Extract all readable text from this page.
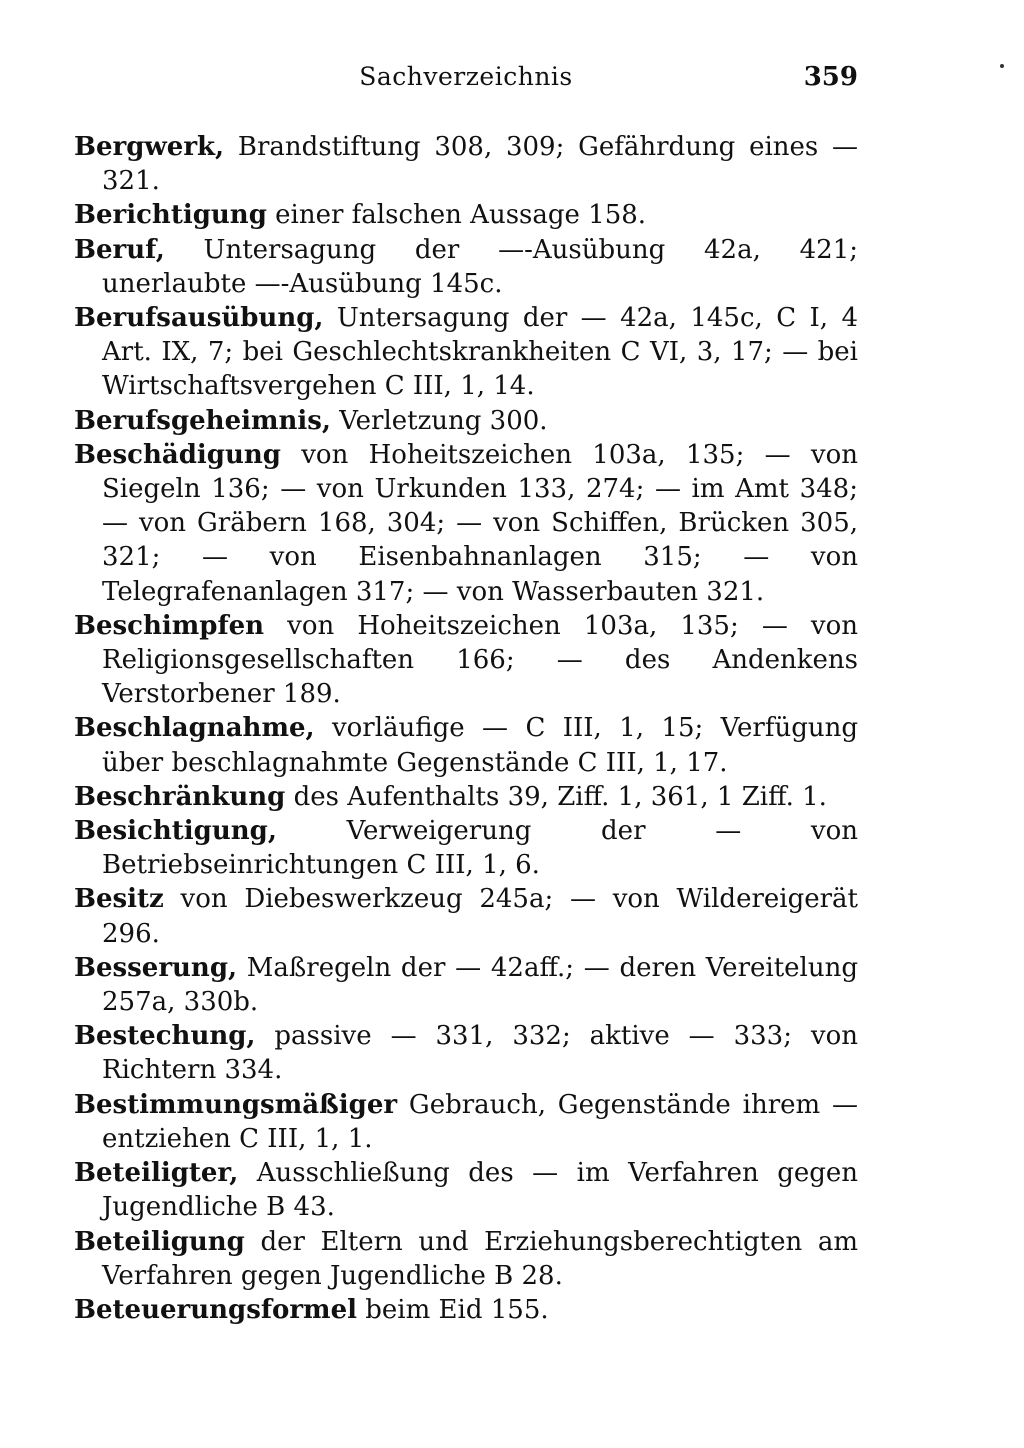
Sachverzeichnis	359

Bergwerk, Brandstiftung 308, 309; Gefährdung eines — 321.

Berichtigung einer falschen Aussage 158.

Beruf, Untersagung der —-Ausübung 42a, 421; unerlaubte —-Ausübung 145c.

Berufsausübung, Untersagung der — 42a, 145c, C I, 4 Art. IX, 7; bei Geschlechtskrankheiten C VI, 3, 17; — bei Wirtschaftsvergehen C III, 1, 14.

Berufsgeheimnis, Verletzung 300.

Beschädigung von Hoheitszeichen 103a, 135; — von Siegeln 136; — von Urkunden 133, 274; — im Amt 348; — von Gräbern 168, 304; — von Schiffen, Brücken 305, 321; — von Eisenbahnanlagen 315; — von Telegrafenanlagen 317; — von Wasserbauten 321.

Beschimpfen von Hoheitszeichen 103a, 135; — von Religionsgesellschaften 166; — des Andenkens Verstorbener 189.

Beschlagnahme, vorläufige — C III, 1, 15; Verfügung über beschlagnahmte Gegenstände C III, 1, 17.

Beschränkung des Aufenthalts 39, Ziff. 1, 361, 1 Ziff. 1.

Besichtigung, Verweigerung der — von Betriebseinrichtungen C III, 1, 6.

Besitz von Diebeswerkzeug 245a; — von Wildereigerät 296.

Besserung, Maßregeln der — 42aff.; — deren Vereitelung 257a, 330b.

Bestechung, passive — 331, 332; aktive — 333; von Richtern 334.

Bestimmungsmäßiger Gebrauch, Gegenstände ihrem — entziehen C III, 1, 1.

Beteiligter, Ausschließung des — im Verfahren gegen Jugendliche B 43.

Beteiligung der Eltern und Erziehungsberechtigten am Verfahren gegen Jugendliche B 28.

Beteuerungsformel beim Eid 155.
